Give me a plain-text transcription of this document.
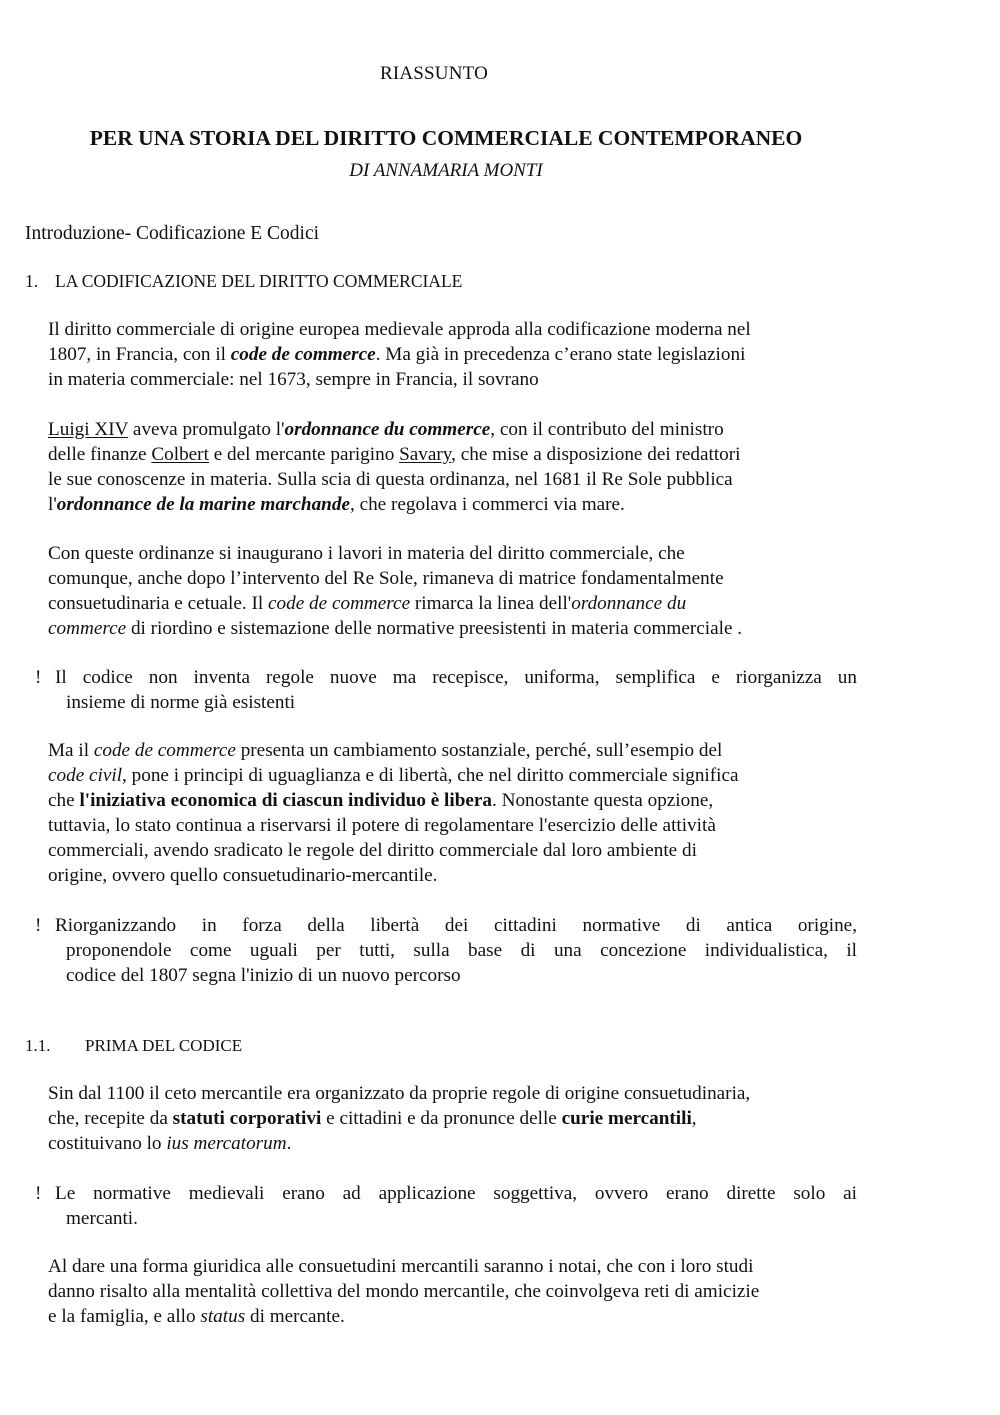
RIASSUNTO
PER UNA STORIA DEL DIRITTO COMMERCIALE CONTEMPORANEO
DI ANNAMARIA MONTI
Introduzione- Codificazione E Codici
1. LA CODIFICAZIONE DEL DIRITTO COMMERCIALE
Il diritto commerciale di origine europea medievale approda alla codificazione moderna nel
1807, in Francia, con il code de commerce. Ma già in precedenza c’erano state legislazioni
in materia commerciale: nel 1673, sempre in Francia, il sovrano
Luigi XIV aveva promulgato l'ordonnance du commerce, con il contributo del ministro
delle finanze Colbert e del mercante parigino Savary, che mise a disposizione dei redattori
le sue conoscenze in materia. Sulla scia di questa ordinanza, nel 1681 il Re Sole pubblica
l'ordonnance de la marine marchande, che regolava i commerci via mare.
Con queste ordinanze si inaugurano i lavori in materia del diritto commerciale, che
comunque, anche dopo l’intervento del Re Sole, rimaneva di matrice fondamentalmente
consuetudinaria e cetuale. Il code de commerce rimarca la linea dell'ordonnance du
commerce di riordino e sistemazione delle normative preesistenti in materia commerciale .
! Il codice non inventa regole nuove ma recepisce, uniforma, semplifica e riorganizza un
insieme di norme già esistenti
Ma il code de commerce presenta un cambiamento sostanziale, perché, sull’esempio del
code civil, pone i principi di uguaglianza e di libertà, che nel diritto commerciale significa
che l'iniziativa economica di ciascun individuo è libera. Nonostante questa opzione,
tuttavia, lo stato continua a riservarsi il potere di regolamentare l'esercizio delle attività
commerciali, avendo sradicato le regole del diritto commerciale dal loro ambiente di
origine, ovvero quello consuetudinario-mercantile.
! Riorganizzando in forza della libertà dei cittadini normative di antica origine,
proponendole come uguali per tutti, sulla base di una concezione individualistica, il
codice del 1807 segna l'inizio di un nuovo percorso
1.1. PRIMA DEL CODICE
Sin dal 1100 il ceto mercantile era organizzato da proprie regole di origine consuetudinaria,
che, recepite da statuti corporativi e cittadini e da pronunce delle curie mercantili,
costituivano lo ius mercatorum.
! Le normative medievali erano ad applicazione soggettiva, ovvero erano dirette solo ai
mercanti.
Al dare una forma giuridica alle consuetudini mercantili saranno i notai, che con i loro studi
danno risalto alla mentalità collettiva del mondo mercantile, che coinvolgeva reti di amicizie
e la famiglia, e allo status di mercante.
